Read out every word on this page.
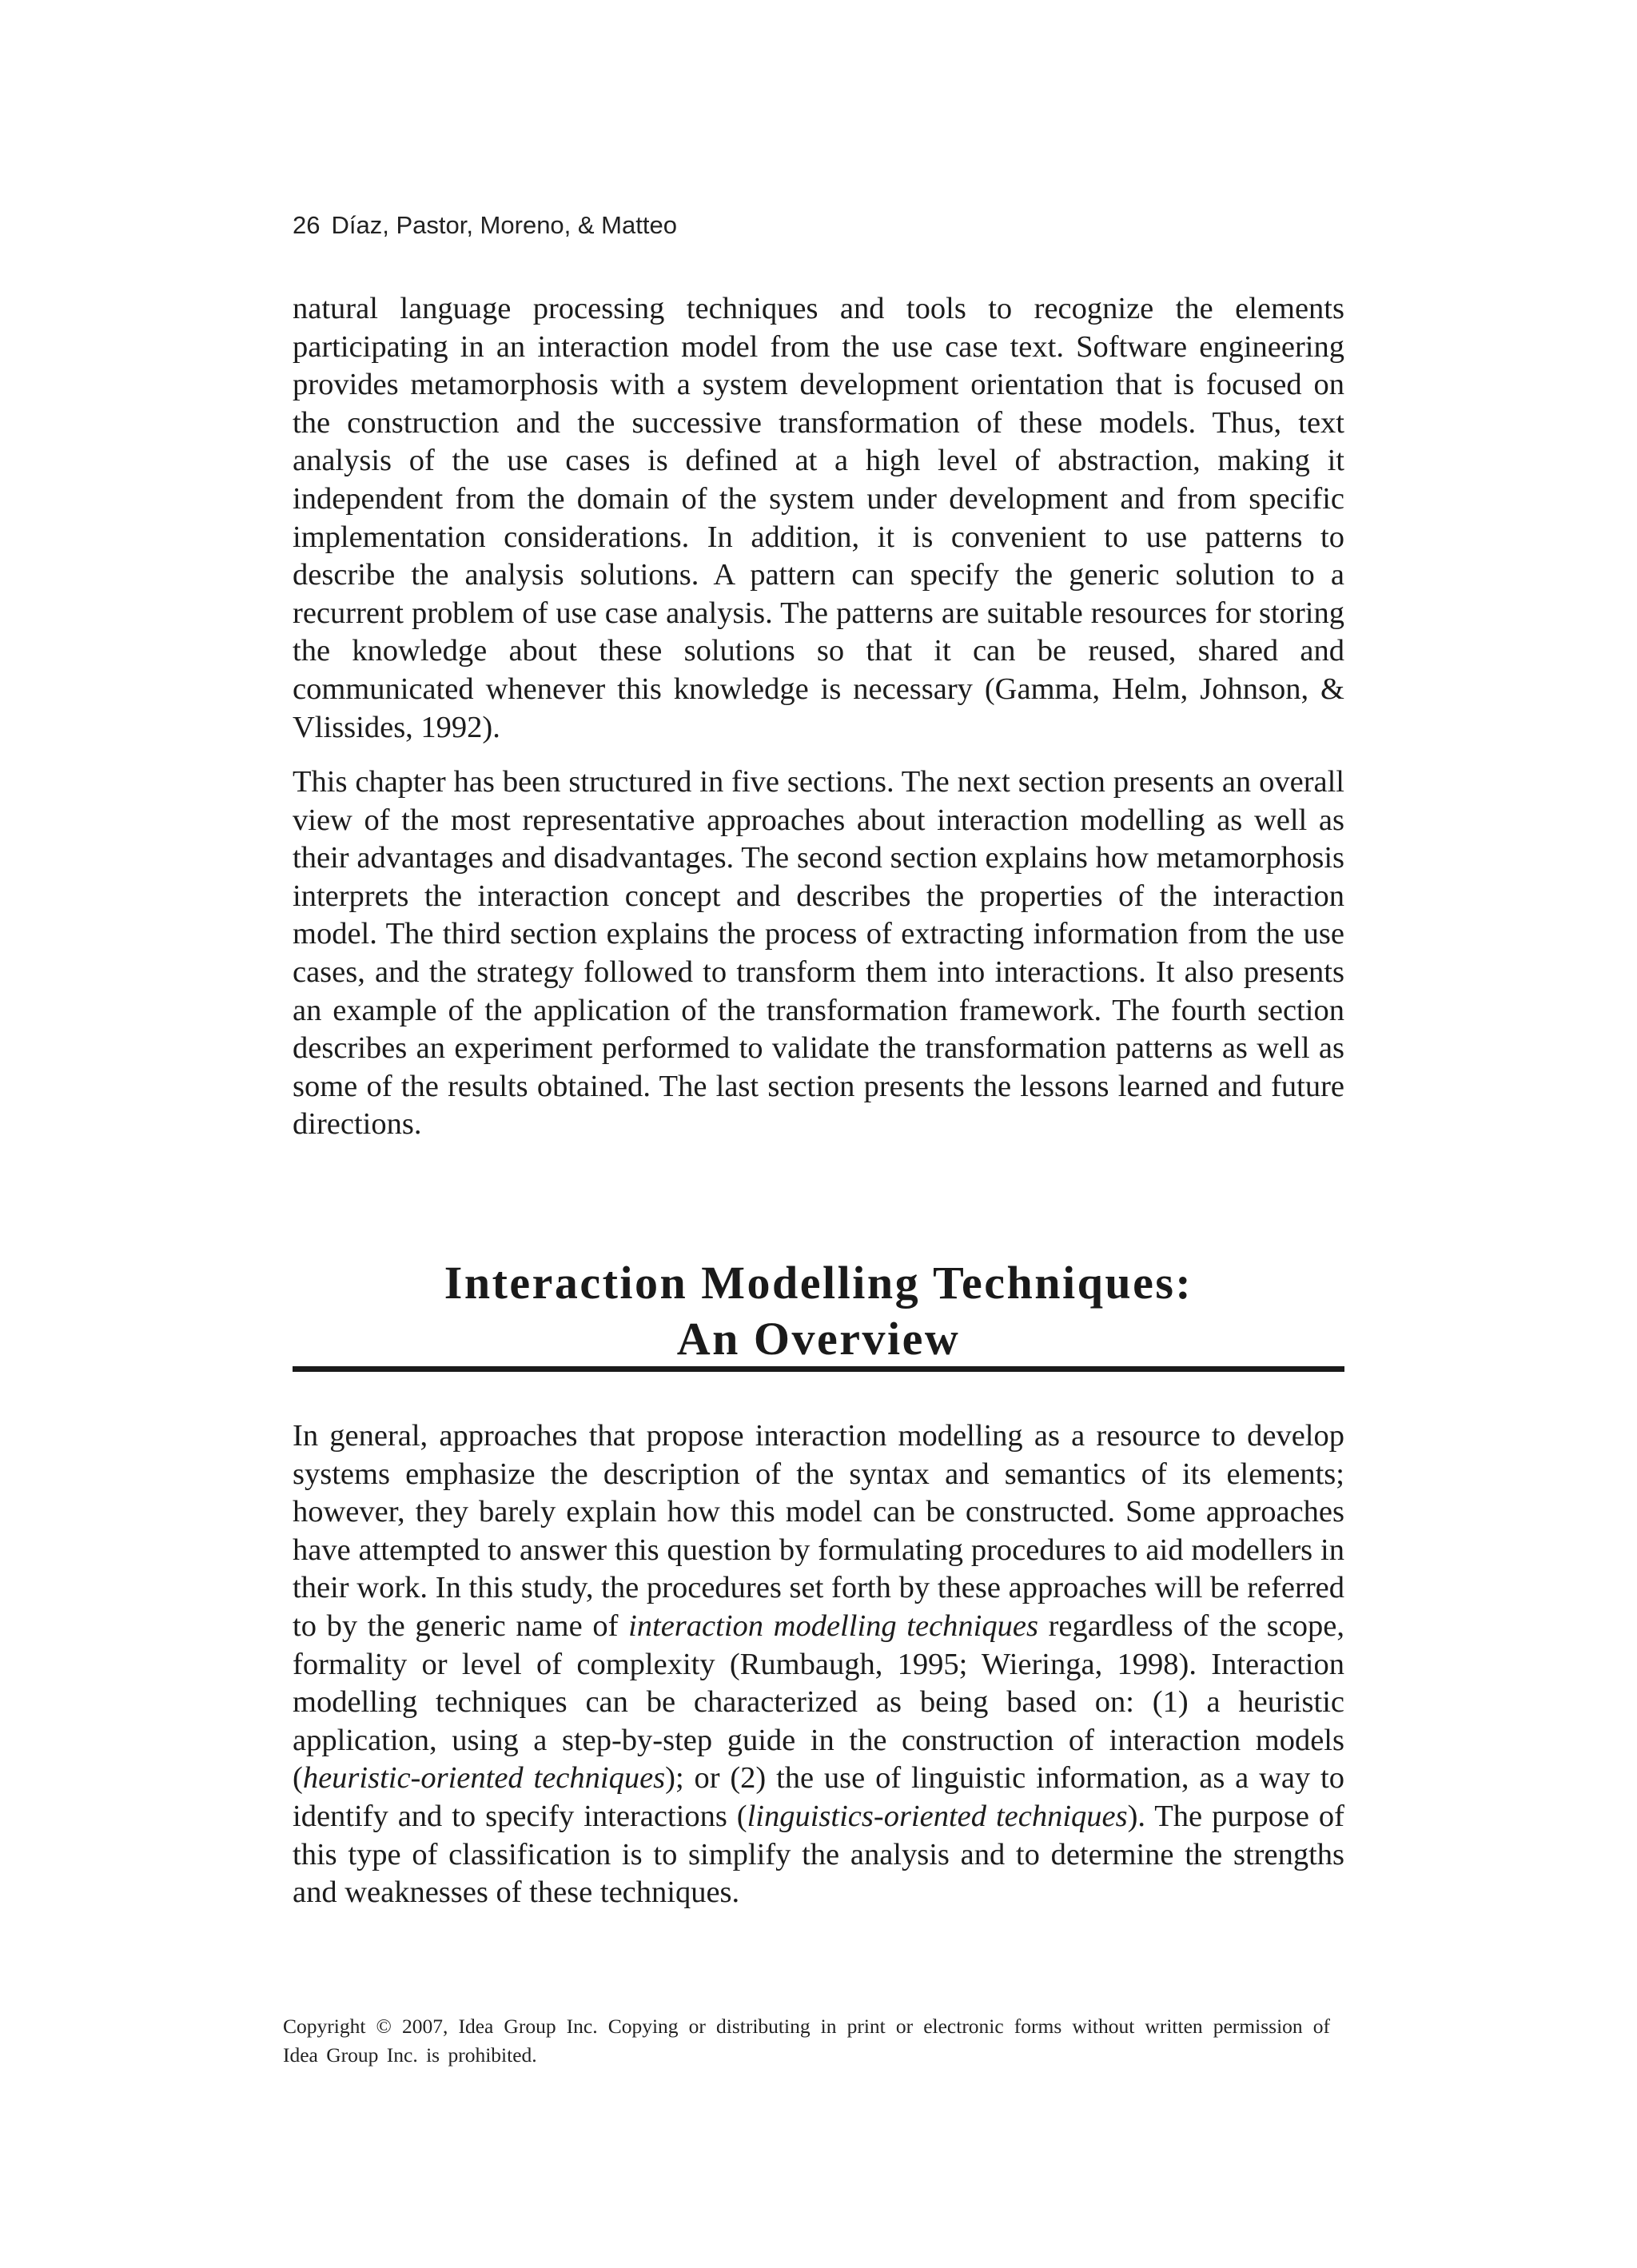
26 Díaz, Pastor, Moreno, & Matteo

natural language processing techniques and tools to recognize the elements participating in an interaction model from the use case text. Software engineering provides metamorphosis with a system development orientation that is focused on the construction and the successive transformation of these models. Thus, text analysis of the use cases is defined at a high level of abstraction, making it independent from the domain of the system under development and from specific implementation considerations. In addition, it is convenient to use patterns to describe the analysis solutions. A pattern can specify the generic solution to a recurrent problem of use case analysis. The patterns are suitable resources for storing the knowledge about these solutions so that it can be reused, shared and communicated whenever this knowledge is necessary (Gamma, Helm, Johnson, & Vlissides, 1992).

This chapter has been structured in five sections. The next section presents an overall view of the most representative approaches about interaction modelling as well as their advantages and disadvantages. The second section explains how metamorphosis interprets the interaction concept and describes the properties of the interaction model. The third section explains the process of extracting information from the use cases, and the strategy followed to transform them into interactions. It also presents an example of the application of the transformation framework. The fourth section describes an experiment performed to validate the transformation patterns as well as some of the results obtained. The last section presents the lessons learned and future directions.

Interaction Modelling Techniques:
An Overview

In general, approaches that propose interaction modelling as a resource to develop systems emphasize the description of the syntax and semantics of its elements; however, they barely explain how this model can be constructed. Some approaches have attempted to answer this question by formulating procedures to aid modellers in their work. In this study, the procedures set forth by these approaches will be referred to by the generic name of interaction modelling techniques regardless of the scope, formality or level of complexity (Rumbaugh, 1995; Wieringa, 1998). Interaction modelling techniques can be characterized as being based on: (1) a heuristic application, using a step-by-step guide in the construction of interaction models (heuristic-oriented techniques); or (2) the use of linguistic information, as a way to identify and to specify interactions (linguistics-oriented techniques). The purpose of this type of classification is to simplify the analysis and to determine the strengths and weaknesses of these techniques.

Copyright © 2007, Idea Group Inc. Copying or distributing in print or electronic forms without written permission of Idea Group Inc. is prohibited.
